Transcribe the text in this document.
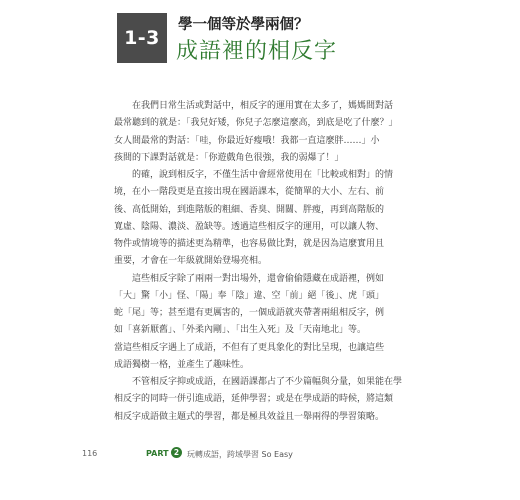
1-3
學一個等於學兩個？
成語裡的相反字

在我們日常生活或對話中，相反字的運用實在太多了，媽媽間對話
最常聽到的就是：「我兒好矮，你兒子怎麼這麼高，到底是吃了什麼？」
女人間最常的對話：「哇，你最近好瘦哦！我都一直這麼胖……」小
孩間的下課對話就是：「你遊戲角色很強，我的弱爆了！」

的確，說到相反字，不僅生活中會經常使用在「比較或相對」的情
境，在小一階段更是直接出現在國語課本，從簡單的大小、左右、前
後、高低開始，到進階版的粗細、香臭、開關、胖瘦，再到高階版的
寬虛、陰陽、濃淡、盈缺等。透過這些相反字的運用，可以讓人物、
物件或情境等的描述更為精準，也容易做比對，就是因為這麼實用且
重要，才會在一年級就開始登場亮相。

這些相反字除了兩兩一對出場外，還會偷偷隱藏在成語裡，例如
「大」驚「小」怪、「陽」奉「陰」違、空「前」絕「後」、虎「頭」
蛇「尾」等；甚至還有更厲害的，一個成語就夾帶著兩組相反字，例
如「喜新厭舊」、「外柔內剛」、「出生入死」及「天南地北」等。
當這些相反字遇上了成語，不但有了更具象化的對比呈現，也讓這些
成語獨樹一格，並產生了趣味性。

不管相反字抑或成語，在國語課都占了不少篇幅與分量，如果能在學
相反字的同時一併引進成語，延伸學習；或是在學成語的時候，將這類
相反字成語做主題式的學習，都是極具效益且一舉兩得的學習策略。

116	PART 2 玩轉成語，跨域學習 So Easy
